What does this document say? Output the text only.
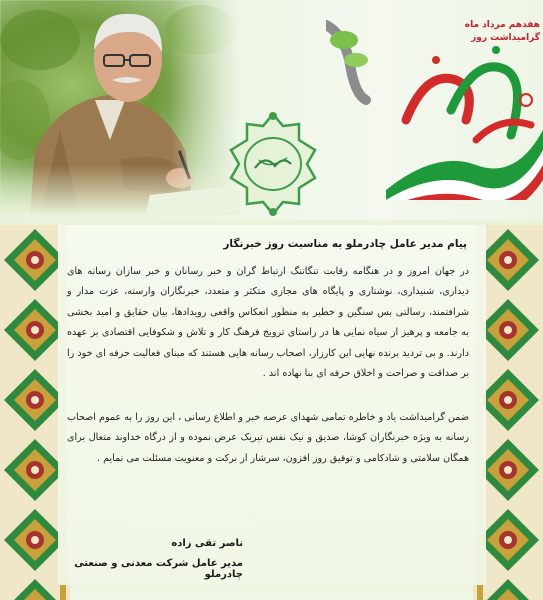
هفدهم مرداد ماه
گرامیداشت روز
پیام مدیر عامل چادرملو به مناسبت روز خبرنگار
در جهان امروز و در هنگامه رقابت تنگاتنگ ارتباط گران و خبر رسانان و خبر سازان رسانه های دیداری، شنیداری، نوشتاری و پایگاه های مجازی متکثر و متعدد، خبرنگاران وارسته، عزت مدار و شرافتمند، رسالتی بس سنگین و خطیر به منظور انعکاس واقعی رویدادها، بیان حقایق و امید بخشی به جامعه و پرهیز از سیاه نمایی ها در راستای ترویج فرهنگ کار و تلاش و شکوفایی اقتصادی بر عهده دارند. و بی تردید برنده نهایی این کارزار، اصحاب رسانه هایی هستند که مبنای فعالیت حرفه ای خود را بر صداقت و صراحت و اخلاق حرفه ای بنا نهاده اند .
ضمن گرامیداشت یاد و خاطره تمامی شهدای عرصه خبر و اطلاع رسانی ، این روز را به عموم اصحاب رسانه به ویژه خبرنگاران کوشا، صدیق و نیک نفس تبریک عرض نموده و از درگاه خداوند متعال برای همگان سلامتی و شادکامی و توفیق روز افزون، سرشار از برکت و معنویت مسئلت می نمایم .
ناصر تقی زاده
مدیر عامل شرکت معدنی و صنعتی چادرملو
